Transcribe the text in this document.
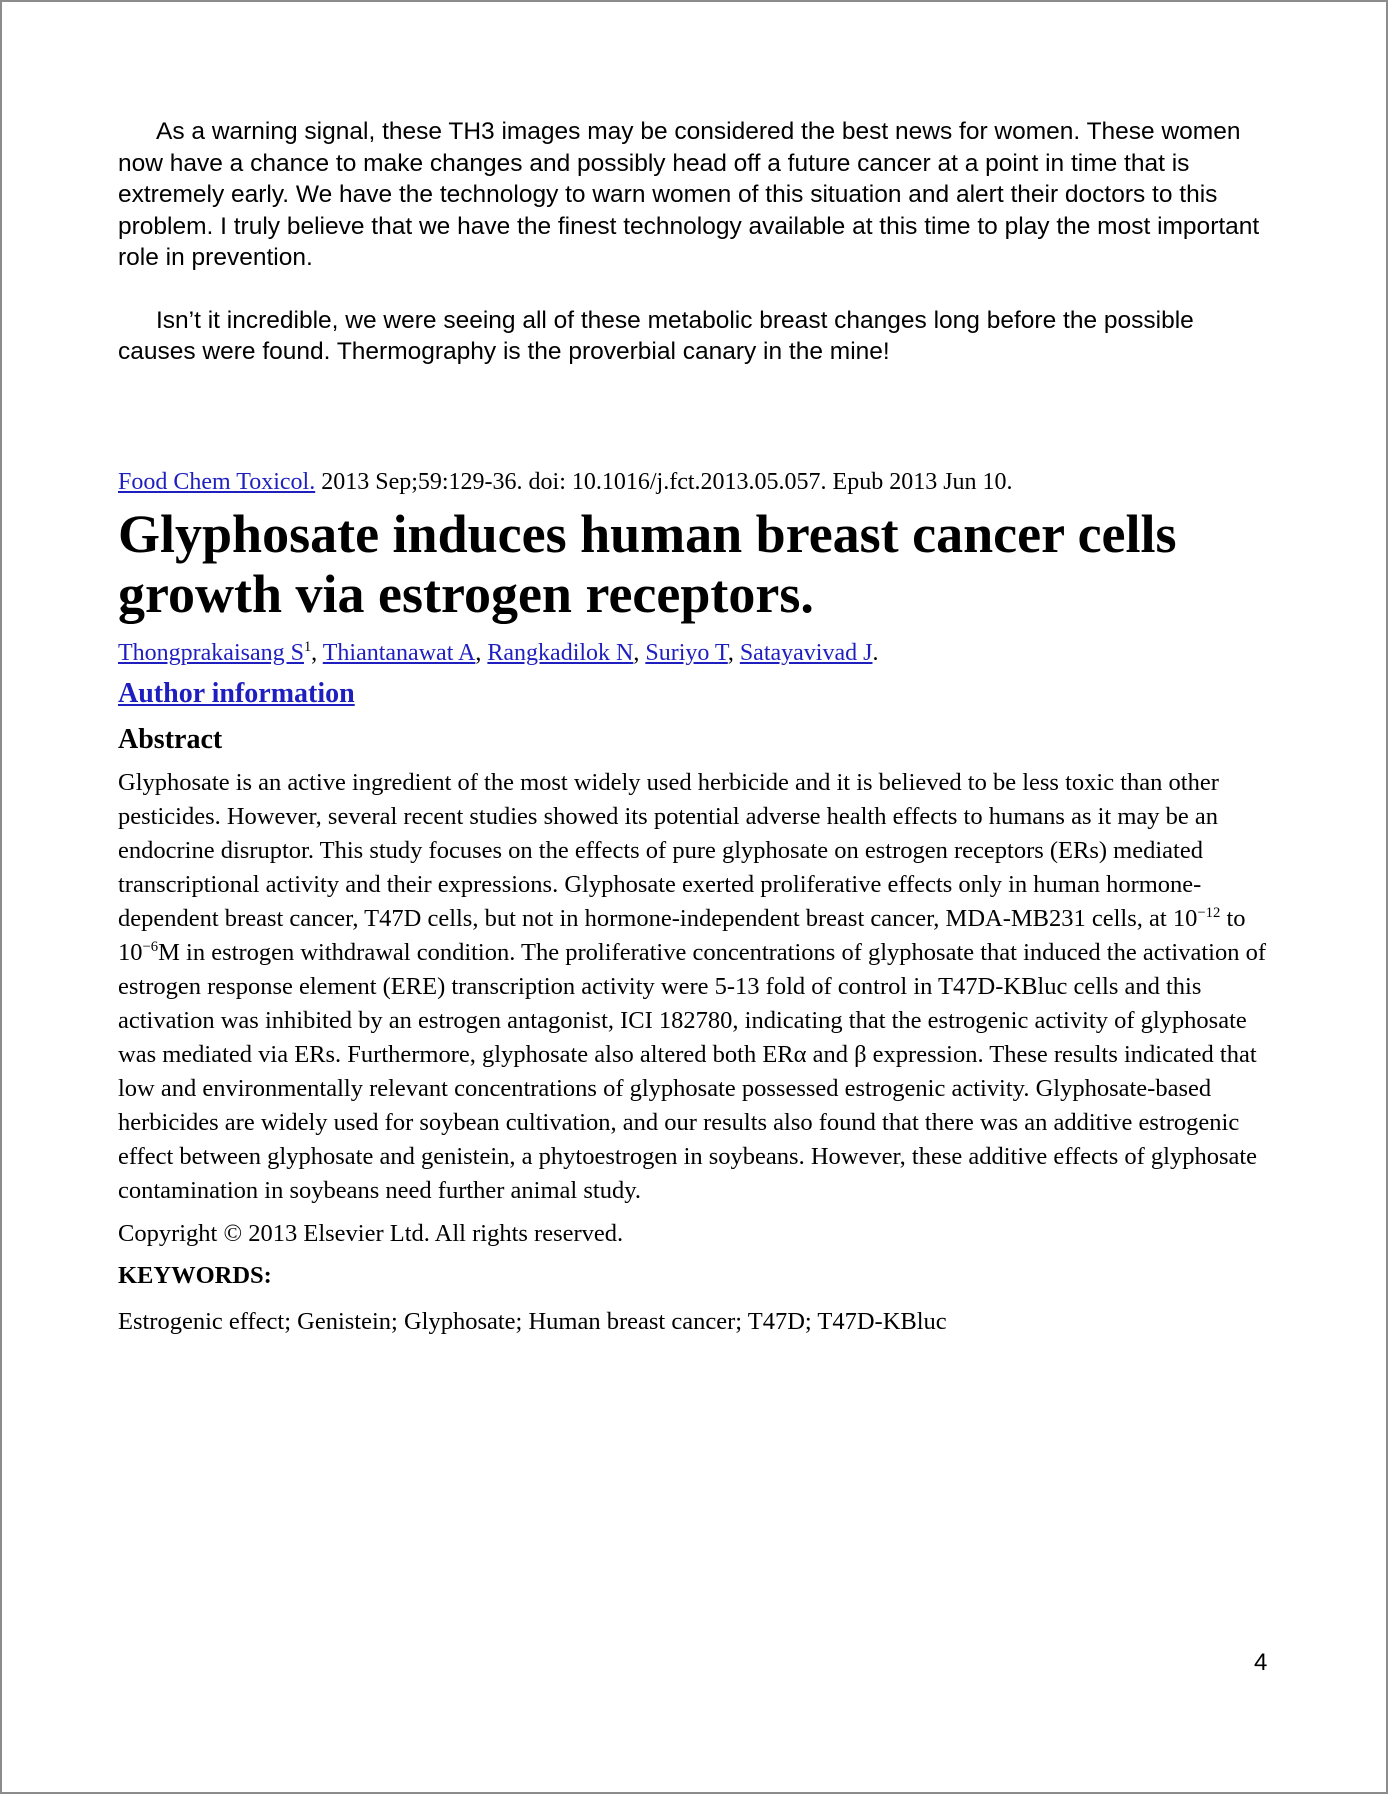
As a warning signal, these TH3 images may be considered the best news for women. These women now have a chance to make changes and possibly head off a future cancer at a point in time that is extremely early. We have the technology to warn women of this situation and alert their doctors to this problem. I truly believe that we have the finest technology available at this time to play the most important role in prevention.

Isn’t it incredible, we were seeing all of these metabolic breast changes long before the possible causes were found. Thermography is the proverbial canary in the mine!

Food Chem Toxicol. 2013 Sep;59:129-36. doi: 10.1016/j.fct.2013.05.057. Epub 2013 Jun 10.

Glyphosate induces human breast cancer cells growth via estrogen receptors.

Thongprakaisang $S^1$, Thiantanawat A, Rangkadilok N, Suriyo T, Satayavivad J.

Author information
Abstract

Glyphosate is an active ingredient of the most widely used herbicide and it is believed to be less toxic than other pesticides. However, several recent studies showed its potential adverse health effects to humans as it may be an endocrine disruptor. This study focuses on the effects of pure glyphosate on estrogen receptors (ERs) mediated transcriptional activity and their expressions. Glyphosate exerted proliferative effects only in human hormone-dependent breast cancer, T47D cells, but not in hormone-independent breast cancer, MDA-MB231 cells, at $10^{-12}$ to $10^{-6}M$ in estrogen withdrawal condition. The proliferative concentrations of glyphosate that induced the activation of estrogen response element (ERE) transcription activity were 5-13 fold of control in T47D-KBluc cells and this activation was inhibited by an estrogen antagonist, ICI 182780, indicating that the estrogenic activity of glyphosate was mediated via ERs. Furthermore, glyphosate also altered both ERα and β expression. These results indicated that low and environmentally relevant concentrations of glyphosate possessed estrogenic activity. Glyphosate-based herbicides are widely used for soybean cultivation, and our results also found that there was an additive estrogenic effect between glyphosate and genistein, a phytoestrogen in soybeans. However, these additive effects of glyphosate contamination in soybeans need further animal study.

Copyright © 2013 Elsevier Ltd. All rights reserved.

KEYWORDS:

Estrogenic effect; Genistein; Glyphosate; Human breast cancer; T47D; T47D-KBluc

4
